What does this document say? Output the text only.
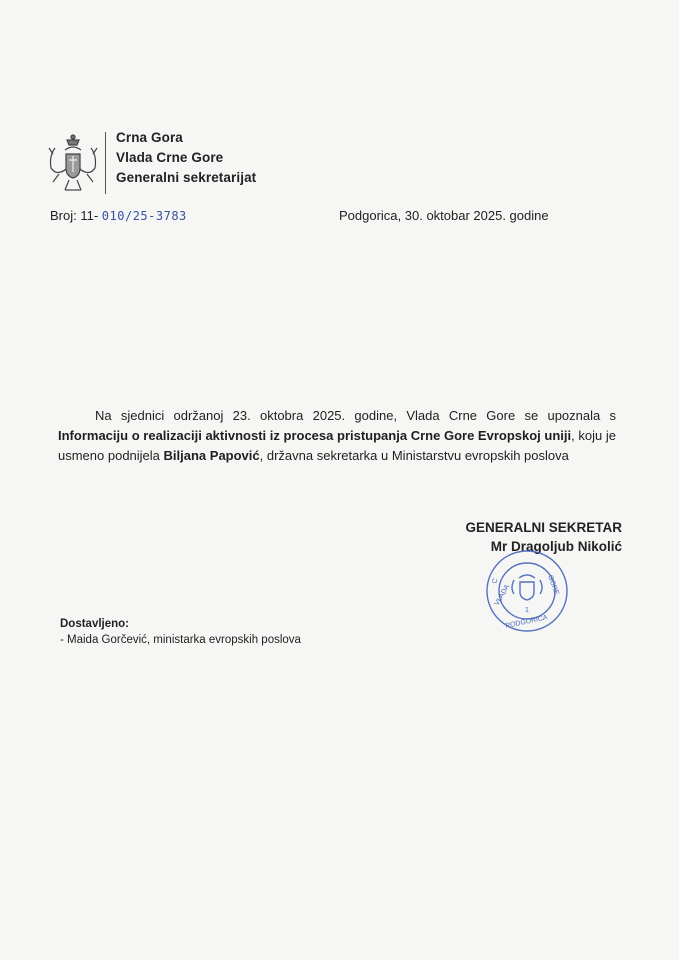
Crna Gora
Vlada Crne Gore
Generalni sekretarijat
Broj: 11- 010/25-3783	Podgorica, 30. oktobar 2025. godine
Na sjednici održanoj 23. oktobra 2025. godine, Vlada Crne Gore se upoznala s Informaciju o realizaciji aktivnosti iz procesa pristupanja Crne Gore Evropskoj uniji, koju je usmeno podnijela Biljana Papović, državna sekretarka u Ministarstvu evropskih poslova
GENERALNI SEKRETAR
Mr Dragoljub Nikolić
C
VLADA	GORE
1
PODGORICA
Dostavljeno:
- Maida Gorčević, ministarka evropskih poslova
